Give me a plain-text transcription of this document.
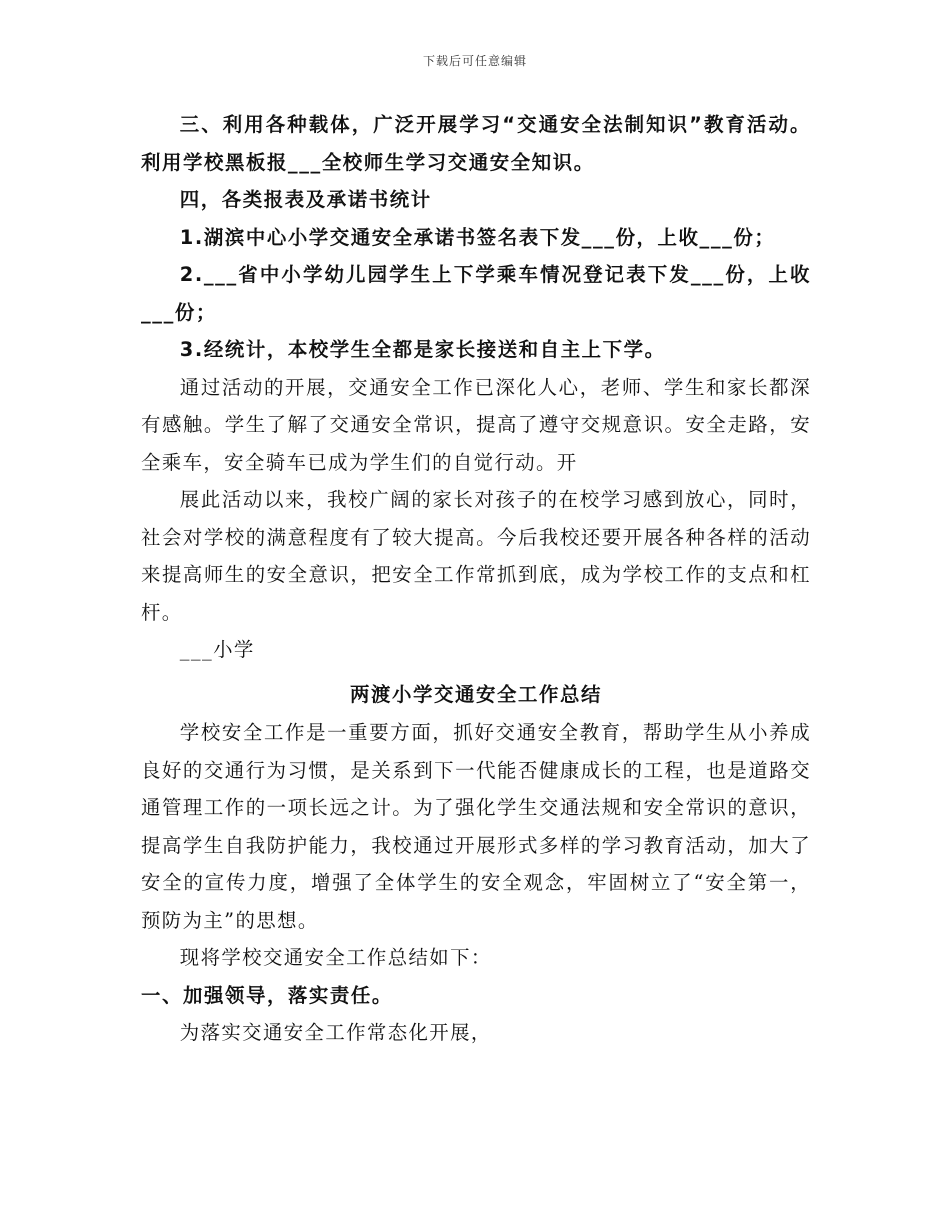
下载后可任意编辑

三、利用各种载体，广泛开展学习“交通安全法制知识”教育活动。利用学校黑板报___全校师生学习交通安全知识。

四，各类报表及承诺书统计

1.湖滨中心小学交通安全承诺书签名表下发___份，上收___份；

2.___省中小学幼儿园学生上下学乘车情况登记表下发___份，上收___份；

3.经统计，本校学生全都是家长接送和自主上下学。

通过活动的开展，交通安全工作已深化人心，老师、学生和家长都深有感触。学生了解了交通安全常识，提高了遵守交规意识。安全走路，安全乘车，安全骑车已成为学生们的自觉行动。开

展此活动以来，我校广阔的家长对孩子的在校学习感到放心，同时，社会对学校的满意程度有了较大提高。今后我校还要开展各种各样的活动来提高师生的安全意识，把安全工作常抓到底，成为学校工作的支点和杠杆。

___小学

两渡小学交通安全工作总结

学校安全工作是一重要方面，抓好交通安全教育，帮助学生从小养成良好的交通行为习惯，是关系到下一代能否健康成长的工程，也是道路交通管理工作的一项长远之计。为了强化学生交通法规和安全常识的意识，提高学生自我防护能力，我校通过开展形式多样的学习教育活动，加大了安全的宣传力度，增强了全体学生的安全观念，牢固树立了“安全第一，预防为主”的思想。

现将学校交通安全工作总结如下：

一、加强领导，落实责任。

为落实交通安全工作常态化开展，
